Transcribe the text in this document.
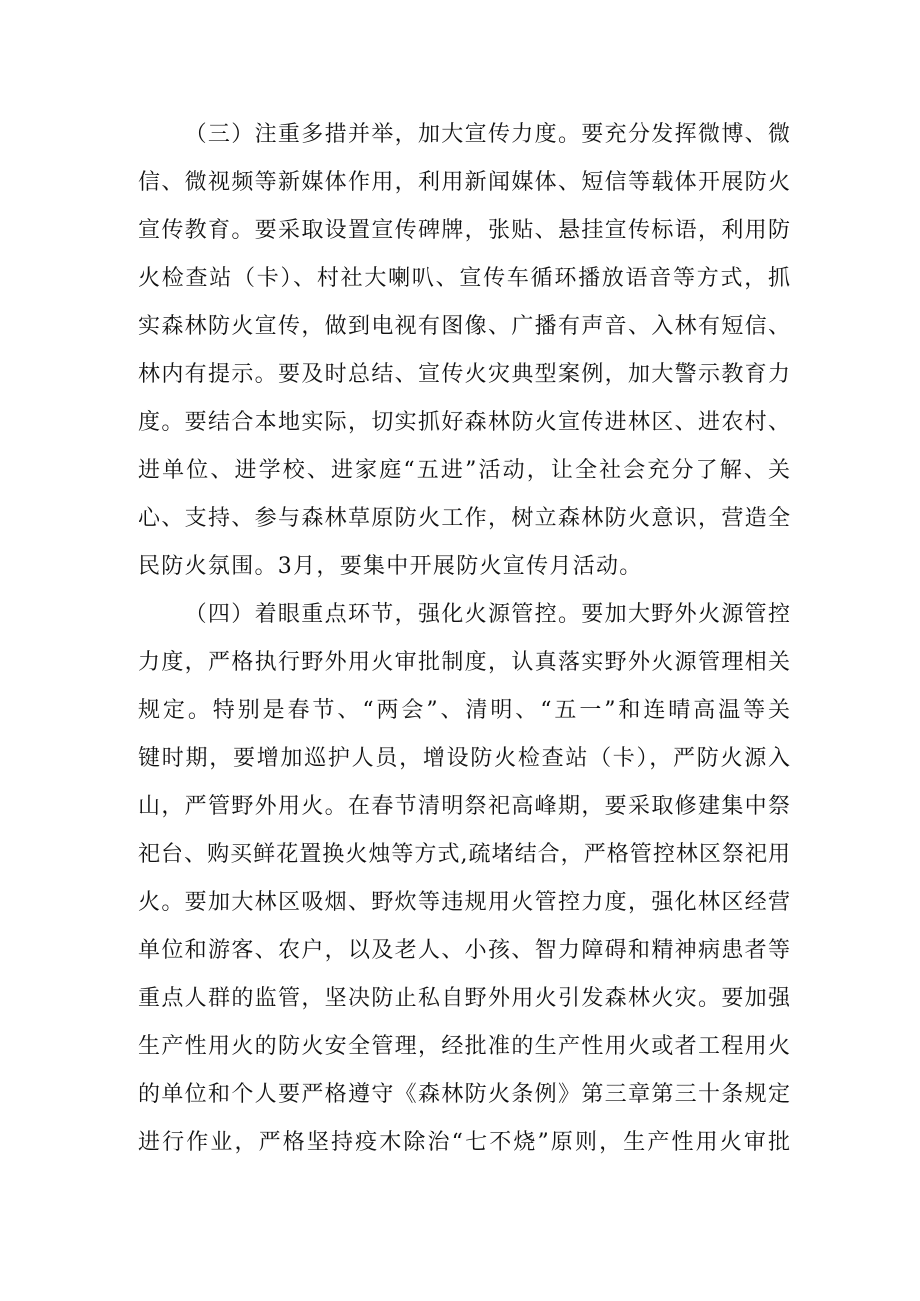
（三）注重多措并举，加大宣传力度。要充分发挥微博、微
信、微视频等新媒体作用，利用新闻媒体、短信等载体开展防火
宣传教育。要采取设置宣传碑牌，张贴、悬挂宣传标语，利用防
火检查站（卡）、村社大喇叭、宣传车循环播放语音等方式，抓
实森林防火宣传，做到电视有图像、广播有声音、入林有短信、
林内有提示。要及时总结、宣传火灾典型案例，加大警示教育力
度。要结合本地实际，切实抓好森林防火宣传进林区、进农村、
进单位、进学校、进家庭“五进”活动，让全社会充分了解、关
心、支持、参与森林草原防火工作，树立森林防火意识，营造全
民防火氛围。3月，要集中开展防火宣传月活动。
（四）着眼重点环节，强化火源管控。要加大野外火源管控
力度，严格执行野外用火审批制度，认真落实野外火源管理相关
规定。特别是春节、“两会”、清明、“五一”和连晴高温等关
键时期，要增加巡护人员，增设防火检查站（卡），严防火源入
山，严管野外用火。在春节清明祭祀高峰期，要采取修建集中祭
祀台、购买鲜花置换火烛等方式,疏堵结合，严格管控林区祭祀用
火。要加大林区吸烟、野炊等违规用火管控力度，强化林区经营
单位和游客、农户，以及老人、小孩、智力障碍和精神病患者等
重点人群的监管，坚决防止私自野外用火引发森林火灾。要加强
生产性用火的防火安全管理，经批准的生产性用火或者工程用火
的单位和个人要严格遵守《森林防火条例》第三章第三十条规定
进行作业，严格坚持疫木除治“七不烧”原则，生产性用火审批
